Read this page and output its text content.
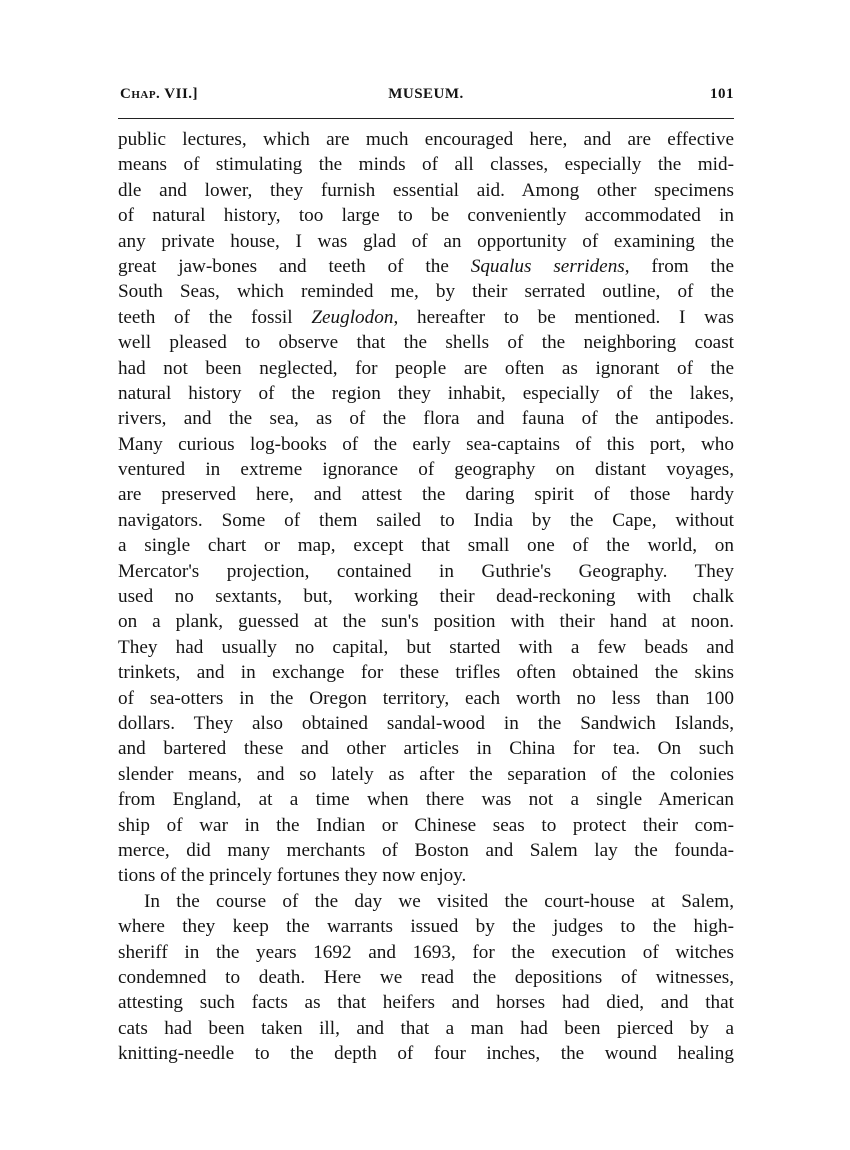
Chap. VII.]	MUSEUM.	101
public lectures, which are much encouraged here, and are effective
means of stimulating the minds of all classes, especially the mid-
dle and lower, they furnish essential aid. Among other specimens
of natural history, too large to be conveniently accommodated in
any private house, I was glad of an opportunity of examining the
great jaw-bones and teeth of the Squalus serridens, from the
South Seas, which reminded me, by their serrated outline, of the
teeth of the fossil Zeuglodon, hereafter to be mentioned. I was
well pleased to observe that the shells of the neighboring coast
had not been neglected, for people are often as ignorant of the
natural history of the region they inhabit, especially of the lakes,
rivers, and the sea, as of the flora and fauna of the antipodes.
Many curious log-books of the early sea-captains of this port, who
ventured in extreme ignorance of geography on distant voyages,
are preserved here, and attest the daring spirit of those hardy
navigators. Some of them sailed to India by the Cape, without
a single chart or map, except that small one of the world, on
Mercator's projection, contained in Guthrie's Geography. They
used no sextants, but, working their dead-reckoning with chalk
on a plank, guessed at the sun's position with their hand at noon.
They had usually no capital, but started with a few beads and
trinkets, and in exchange for these trifles often obtained the skins
of sea-otters in the Oregon territory, each worth no less than 100
dollars. They also obtained sandal-wood in the Sandwich Islands,
and bartered these and other articles in China for tea. On such
slender means, and so lately as after the separation of the colonies
from England, at a time when there was not a single American
ship of war in the Indian or Chinese seas to protect their com-
merce, did many merchants of Boston and Salem lay the founda-
tions of the princely fortunes they now enjoy.
In the course of the day we visited the court-house at Salem,
where they keep the warrants issued by the judges to the high-
sheriff in the years 1692 and 1693, for the execution of witches
condemned to death. Here we read the depositions of witnesses,
attesting such facts as that heifers and horses had died, and that
cats had been taken ill, and that a man had been pierced by a
knitting-needle to the depth of four inches, the wound healing
